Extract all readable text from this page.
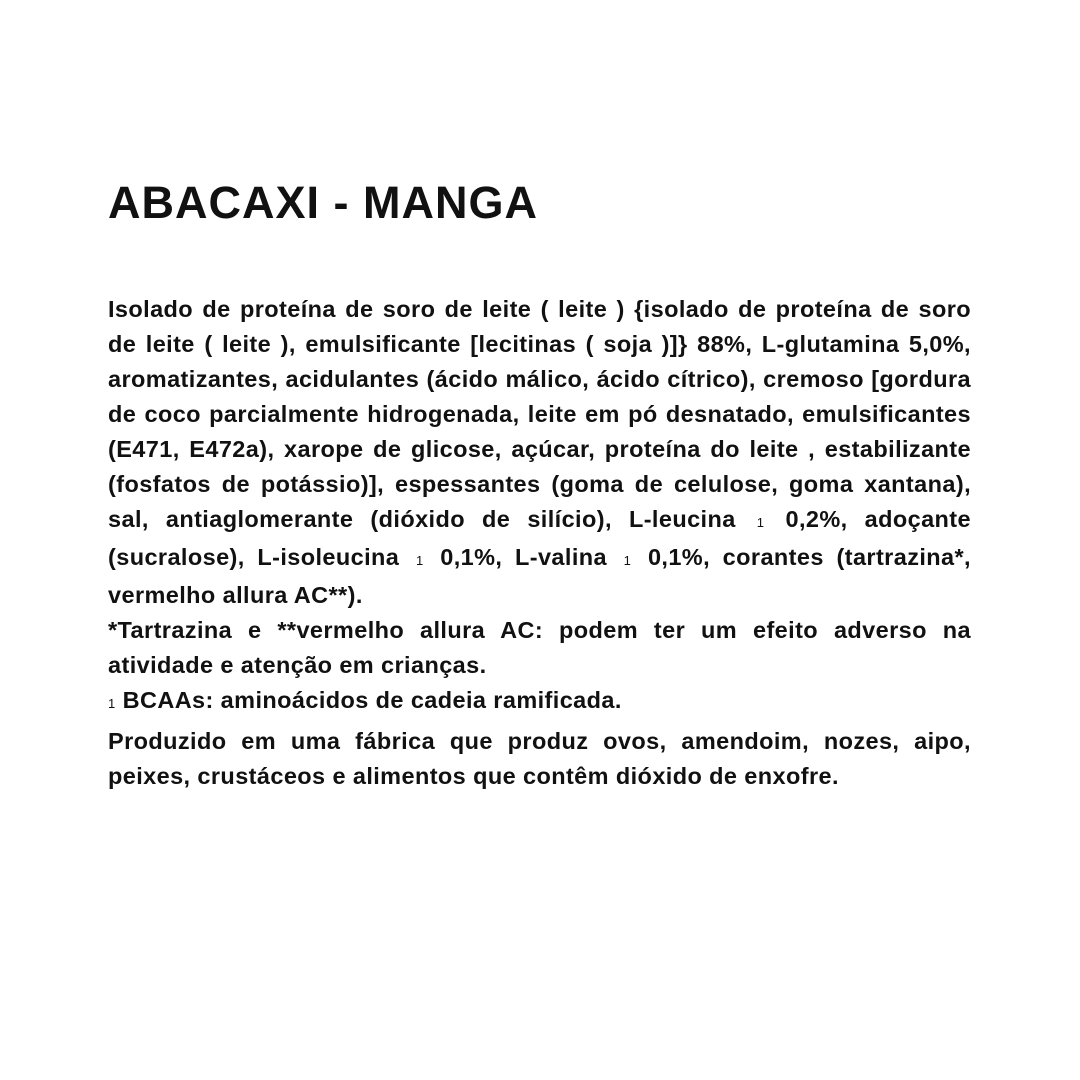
ABACAXI - MANGA

Isolado de proteína de soro de leite ( leite ) {isolado de proteína de soro de leite ( leite ), emulsificante [lecitinas ( soja )]} 88%, L-glutamina 5,0%, aromatizantes, acidulantes (ácido málico, ácido cítrico), cremoso [gordura de coco parcialmente hidrogenada, leite em pó desnatado, emulsificantes (E471, E472a), xarope de glicose, açúcar, proteína do leite , estabilizante (fosfatos de potássio)], espessantes (goma de celulose, goma xantana), sal, antiaglomerante (dióxido de silício), L-leucina 1 0,2%, adoçante (sucralose), L-isoleucina 1 0,1%, L-valina 1 0,1%, corantes (tartrazina*, vermelho allura AC**).

*Tartrazina e **vermelho allura AC: podem ter um efeito adverso na atividade e atenção em crianças.

1 BCAAs: aminoácidos de cadeia ramificada.

Produzido em uma fábrica que produz ovos, amendoim, nozes, aipo, peixes, crustáceos e alimentos que contêm dióxido de enxofre.
